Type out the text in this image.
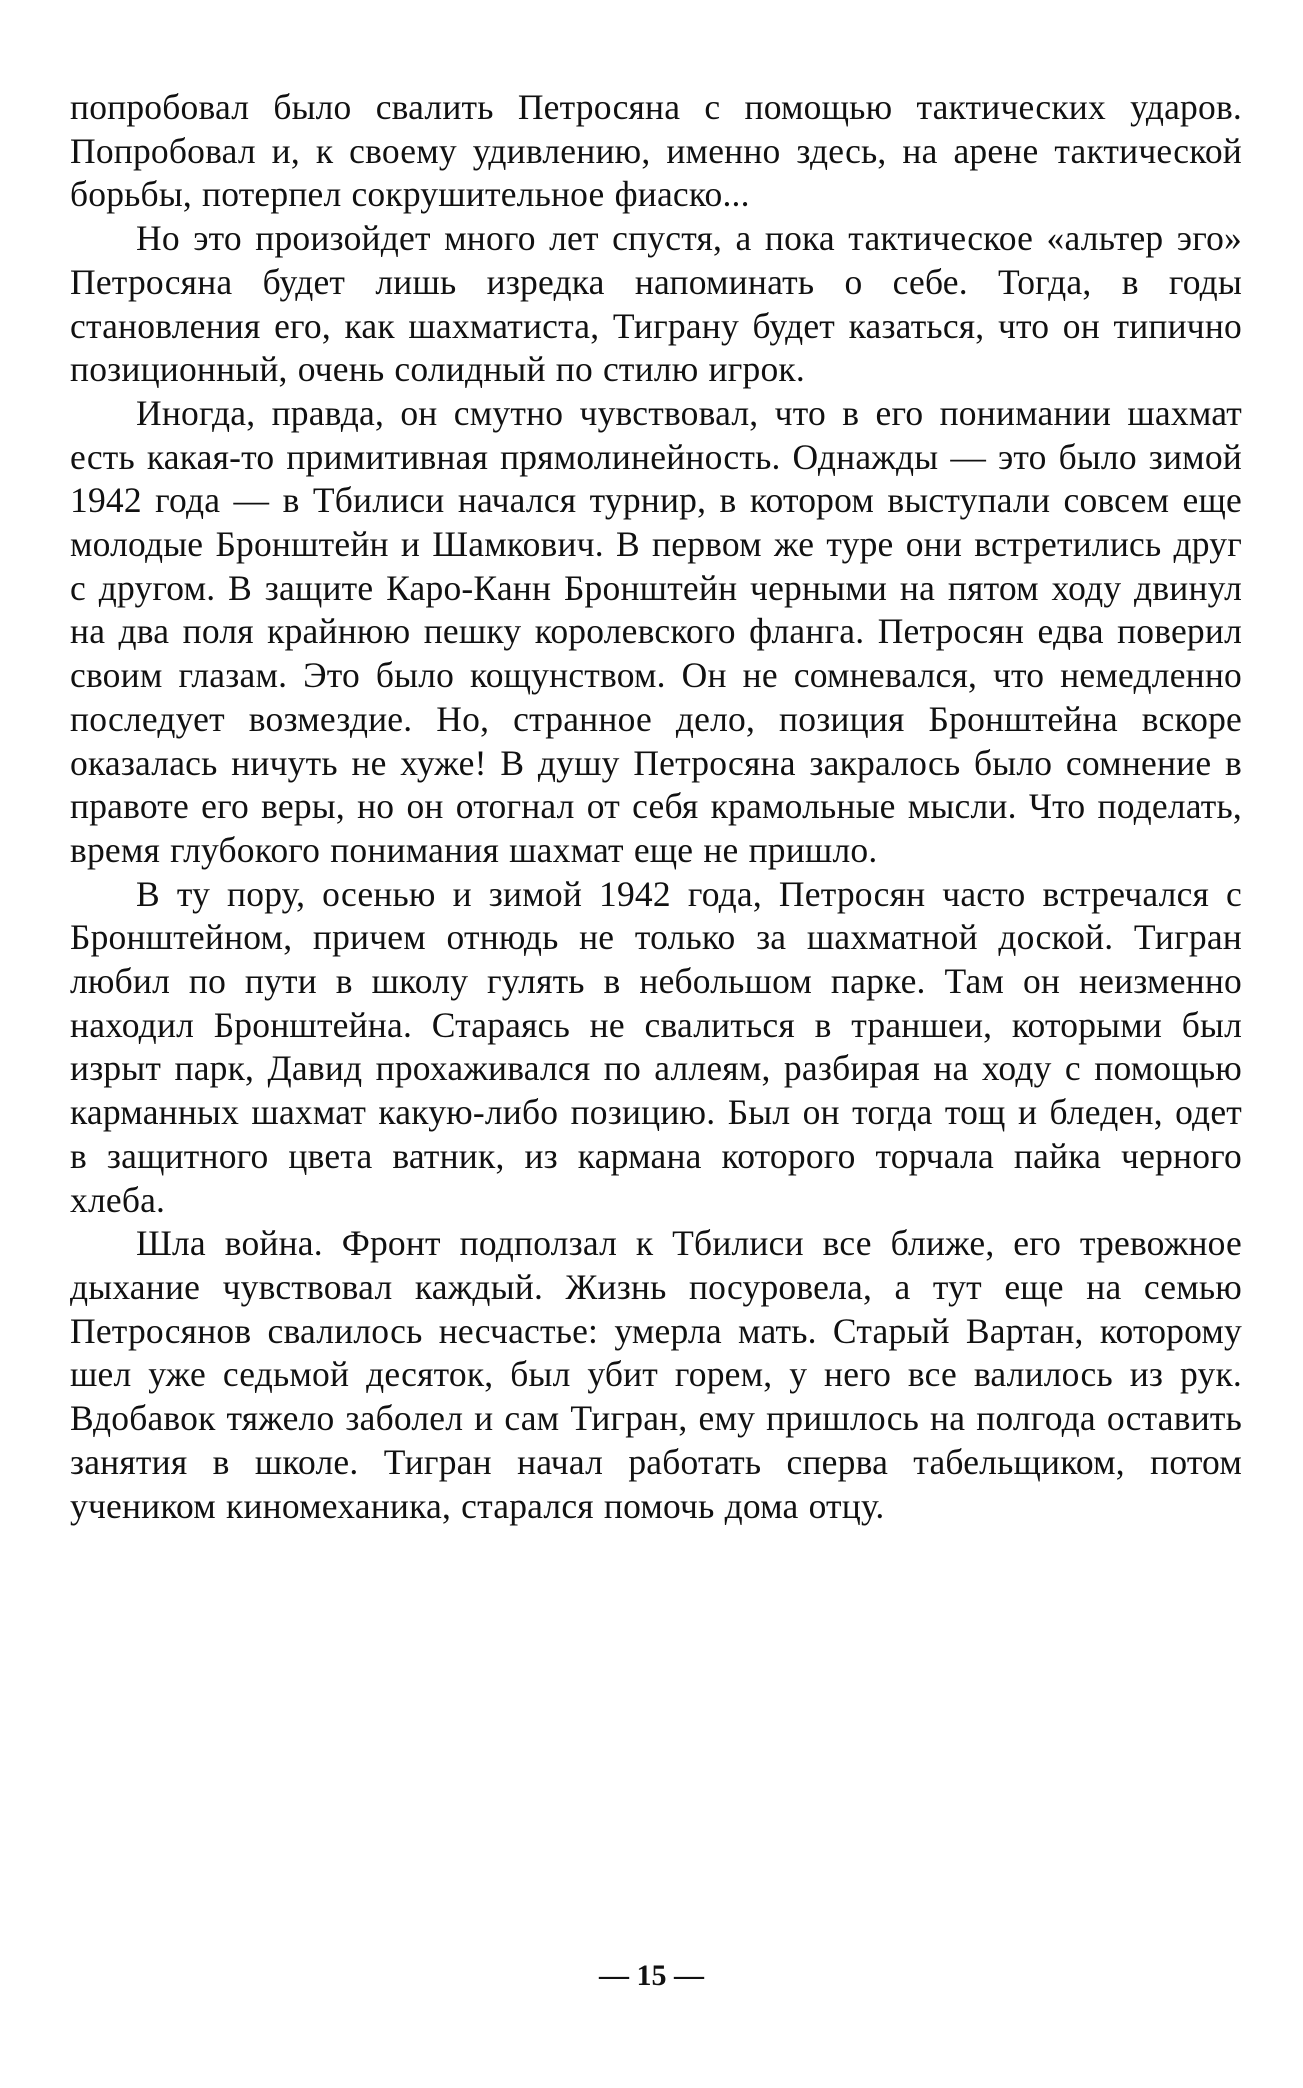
попробовал было свалить Петросяна с помощью тактических ударов. Попробовал и, к своему удивлению, именно здесь, на арене тактической борьбы, потерпел сокрушительное фиаско...

Но это произойдет много лет спустя, а пока тактическое «альтер эго» Петросяна будет лишь изредка напоминать о себе. Тогда, в годы становления его, как шахматиста, Тиграну будет казаться, что он типично позиционный, очень солидный по стилю игрок.

Иногда, правда, он смутно чувствовал, что в его понимании шахмат есть какая-то примитивная прямолинейность. Однажды — это было зимой 1942 года — в Тбилиси начался турнир, в котором выступали совсем еще молодые Бронштейн и Шамкович. В первом же туре они встретились друг с другом. В защите Каро-Канн Бронштейн черными на пятом ходу двинул на два поля крайнюю пешку королевского фланга. Петросян едва поверил своим глазам. Это было кощунством. Он не сомневался, что немедленно последует возмездие. Но, странное дело, позиция Бронштейна вскоре оказалась ничуть не хуже! В душу Петросяна закралось было сомнение в правоте его веры, но он отогнал от себя крамольные мысли. Что поделать, время глубокого понимания шахмат еще не пришло.

В ту пору, осенью и зимой 1942 года, Петросян часто встречался с Бронштейном, причем отнюдь не только за шахматной доской. Тигран любил по пути в школу гулять в небольшом парке. Там он неизменно находил Бронштейна. Стараясь не свалиться в траншеи, которыми был изрыт парк, Давид прохаживался по аллеям, разбирая на ходу с помощью карманных шахмат какую-либо позицию. Был он тогда тощ и бледен, одет в защитного цвета ватник, из кармана которого торчала пайка черного хлеба.

Шла война. Фронт подползал к Тбилиси все ближе, его тревожное дыхание чувствовал каждый. Жизнь посуровела, а тут еще на семью Петросянов свалилось несчастье: умерла мать. Старый Вартан, которому шел уже седьмой десяток, был убит горем, у него все валилось из рук. Вдобавок тяжело заболел и сам Тигран, ему пришлось на полгода оставить занятия в школе. Тигран начал работать сперва табельщиком, потом учеником киномеханика, старался помочь дома отцу.

— 15 —
